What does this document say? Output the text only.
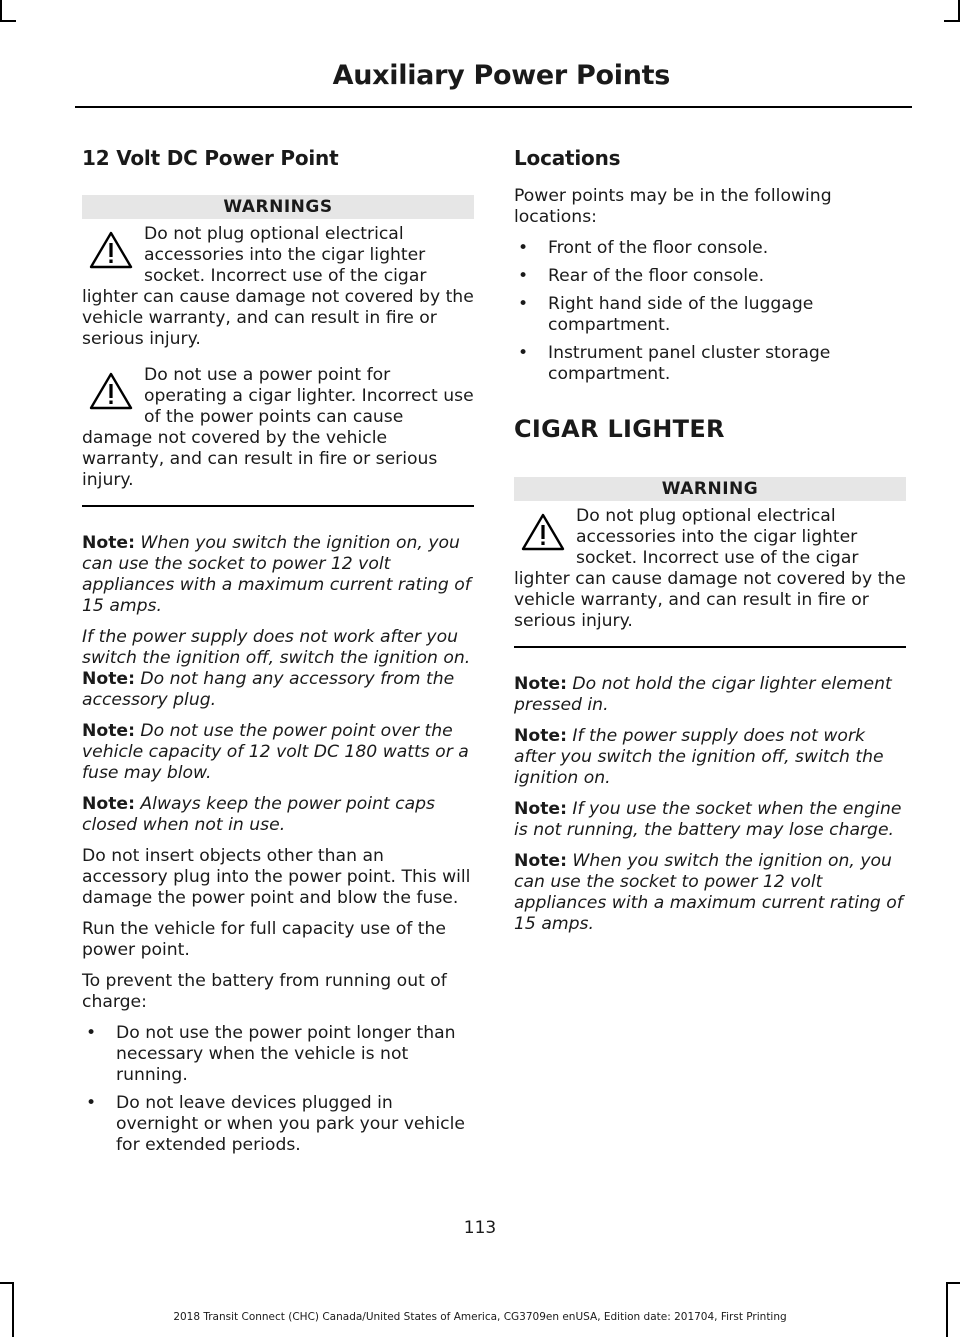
Auxiliary Power Points
12 Volt DC Power Point
WARNINGS
Do not plug optional electrical accessories into the cigar lighter socket. Incorrect use of the cigar lighter can cause damage not covered by the vehicle warranty, and can result in fire or serious injury.
Do not use a power point for operating a cigar lighter. Incorrect use of the power points can cause damage not covered by the vehicle warranty, and can result in fire or serious injury.

Note: When you switch the ignition on, you can use the socket to power 12 volt appliances with a maximum current rating of 15 amps.

If the power supply does not work after you switch the ignition off, switch the ignition on.

Note: Do not hang any accessory from the accessory plug.

Note: Do not use the power point over the vehicle capacity of 12 volt DC 180 watts or a fuse may blow.

Note: Always keep the power point caps closed when not in use.

Do not insert objects other than an accessory plug into the power point. This will damage the power point and blow the fuse.

Run the vehicle for full capacity use of the power point.

To prevent the battery from running out of charge:

• Do not use the power point longer than necessary when the vehicle is not running.
• Do not leave devices plugged in overnight or when you park your vehicle for extended periods.
Locations

Power points may be in the following locations:

• Front of the floor console.
• Rear of the floor console.
• Right hand side of the luggage compartment.
• Instrument panel cluster storage compartment.
CIGAR LIGHTER
WARNING
Do not plug optional electrical accessories into the cigar lighter socket. Incorrect use of the cigar lighter can cause damage not covered by the vehicle warranty, and can result in fire or serious injury.

Note: Do not hold the cigar lighter element pressed in.

Note: If the power supply does not work after you switch the ignition off, switch the ignition on.

Note: If you use the socket when the engine is not running, the battery may lose charge.

Note: When you switch the ignition on, you can use the socket to power 12 volt appliances with a maximum current rating of 15 amps.

113
2018 Transit Connect (CHC) Canada/United States of America, CG3709en enUSA, Edition date: 201704, First Printing
